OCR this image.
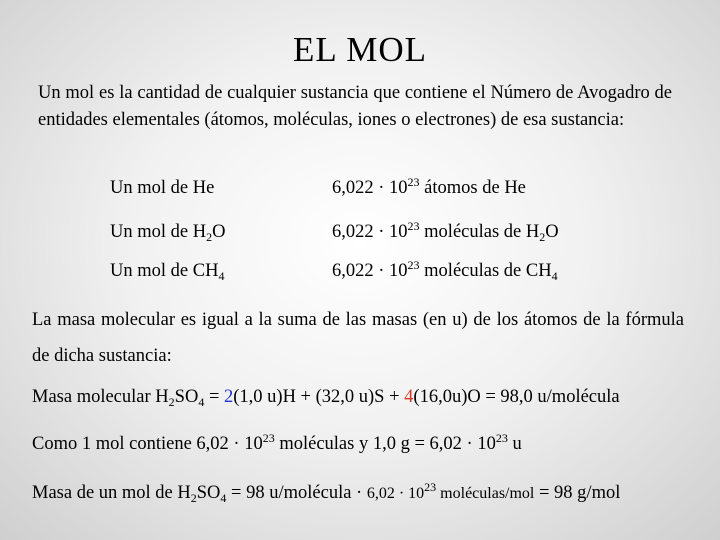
EL MOL
Un mol es la cantidad de cualquier sustancia que contiene el Número de Avogadro de entidades elementales (átomos, moléculas, iones o electrones) de esa sustancia:
Un mol de He	$6,022 \cdot 10^{23}$ átomos de He
Un mol de $H_2O$	$6,022 \cdot 10^{23}$ moléculas de $H_2O$
Un mol de $CH_4$	$6,022 \cdot 10^{23}$ moléculas de $CH_4$
La masa molecular es igual a la suma de las masas (en u) de los átomos de la fórmula de dicha sustancia:
Masa molecular $H_2SO_4 = 2(1,0$ u)H + (32,0 u)S + 4(16,0u)O = 98,0 u/molécula
Como 1 mol contiene $6,02 \cdot 10^{23}$ moléculas y 1,0 $g = 6,02 \cdot 10^{23}$ u
Masa de un mol de $H_2SO_4 = 98$ u/molécula · $6,02 \cdot 10^{23}$ moléculas/mol = 98 g/mol
